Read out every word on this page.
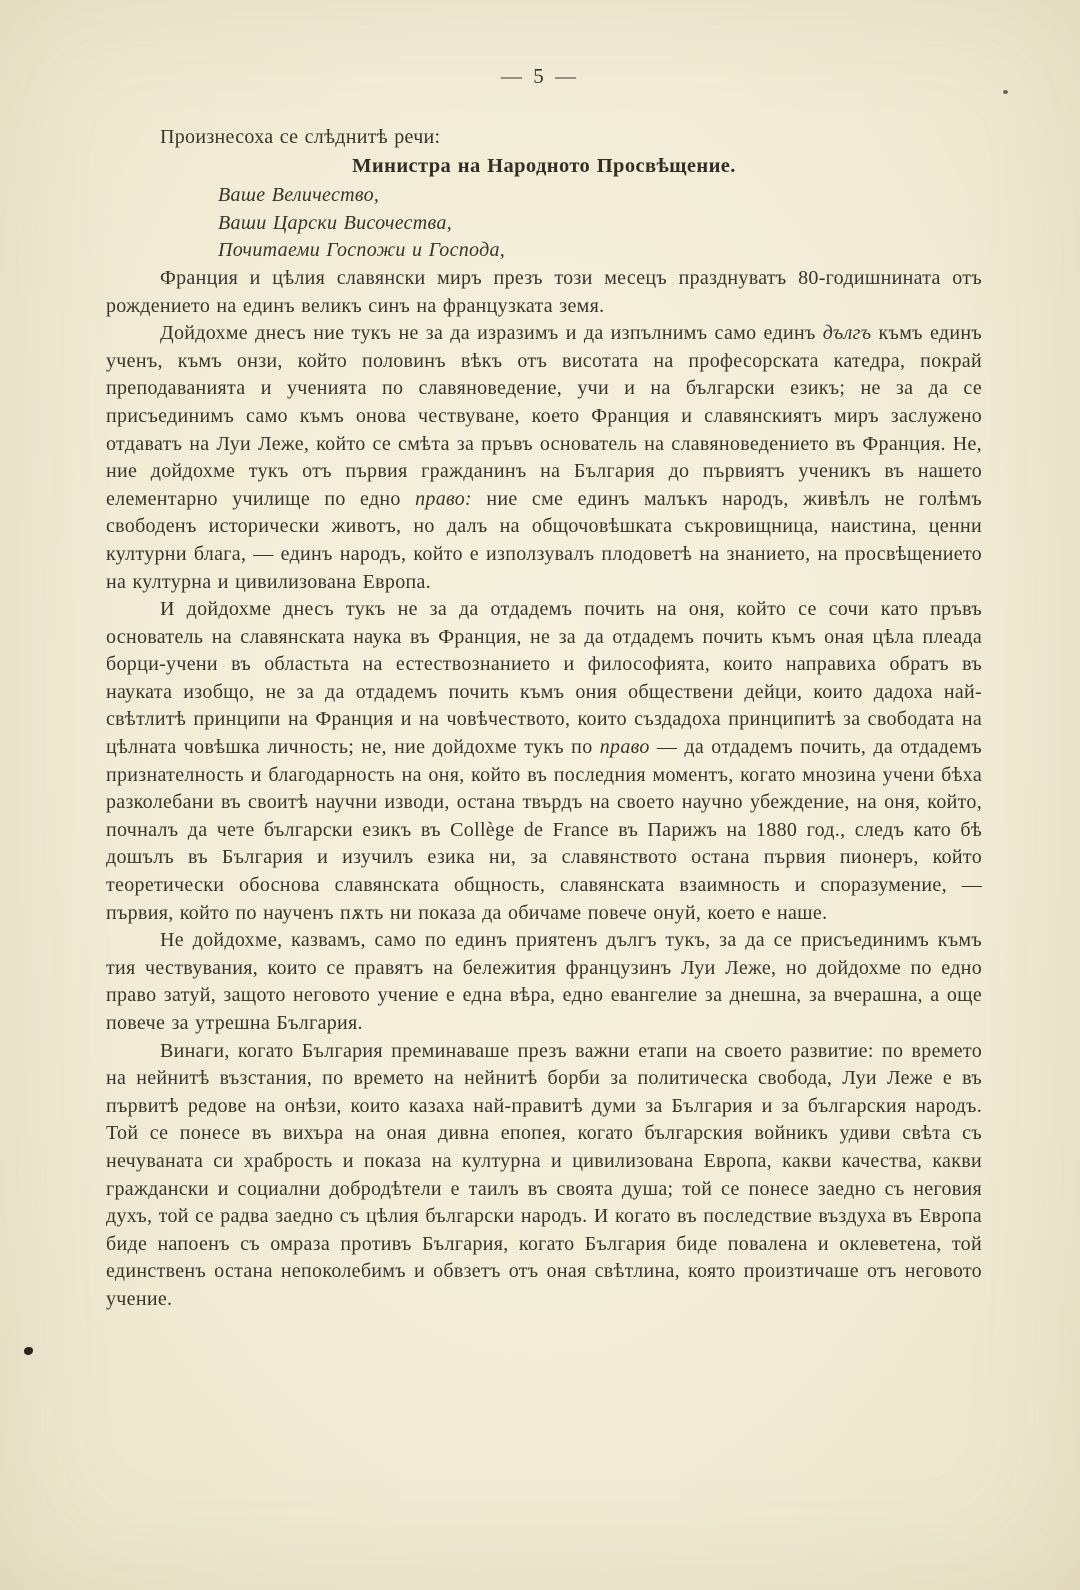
— 5 —

Произнесоха се слѣднитѣ речи:

Министра на Народното Просвѣщение.

Ваше Величество,

Ваши Царски Височества,

Почитаеми Госпожи и Господа,

Франция и цѣлия славянски миръ презъ този месецъ празднуватъ 80-годишнината отъ рождението на единъ великъ синъ на французката земя.

Дойдохме днесъ ние тукъ не за да изразимъ и да изпълнимъ само единъ дългъ къмъ единъ ученъ, къмъ онзи, който половинъ вѣкъ отъ висотата на професорската катедра, покрай преподаванията и ученията по славяноведение, учи и на български езикъ; не за да се присъединимъ само къмъ онова чествуване, което Франция и славянскиятъ миръ заслужено отдаватъ на Луи Леже, който се смѣта за пръвъ основатель на славяноведението въ Франция. Не, ние дойдохме тукъ отъ първия гражданинъ на България до първиятъ ученикъ въ нашето елементарно училище по едно право: ние сме единъ малъкъ народъ, живѣлъ не голѣмъ свободенъ исторически животъ, но далъ на общочовѣшката съкровищница, наистина, ценни културни блага, — единъ народъ, който е използувалъ плодоветѣ на знанието, на просвѣщението на културна и цивилизована Европа.

И дойдохме днесъ тукъ не за да отдадемъ почить на оня, който се сочи като пръвъ основатель на славянската наука въ Франция, не за да отдадемъ почить къмъ оная цѣла плеада борци-учени въ областьта на естествознанието и философията, които направиха обратъ въ науката изобщо, не за да отдадемъ почить къмъ ония обществени дейци, които дадоха най-свѣтлитѣ принципи на Франция и на човѣчеството, които създадоха принципитѣ за свободата на цѣлната човѣшка личность; не, ние дойдохме тукъ по право — да отдадемъ почить, да отдадемъ признателность и благодарность на оня, който въ последния моментъ, когато мнозина учени бѣха разколебани въ своитѣ научни изводи, остана твърдъ на своето научно убеждение, на оня, който, почналъ да чете български езикъ въ Collège de France въ Парижъ на 1880 год., следъ като бѣ дошълъ въ България и изучилъ езика ни, за славянството остана първия пионеръ, който теоретически обоснова славянската общность, славянската взаимность и споразумение, — първия, който по наученъ пѫть ни показа да обичаме повече онуй, което е наше.

Не дойдохме, казвамъ, само по единъ приятенъ дългъ тукъ, за да се присъединимъ къмъ тия чествувания, които се правятъ на бележития французинъ Луи Леже, но дойдохме по едно право затуй, защото неговото учение е една вѣра, едно евангелие за днешна, за вчерашна, а още повече за утрешна България.

Винаги, когато България преминаваше презъ важни етапи на своето развитие: по времето на нейнитѣ възстания, по времето на нейнитѣ борби за политическа свобода, Луи Леже е въ първитѣ редове на онѣзи, които казаха най-правитѣ думи за България и за българския народъ. Той се понесе въ вихъра на оная дивна епопея, когато българския войникъ удиви свѣта съ нечуваната си храбрость и показа на културна и цивилизована Европа, какви качества, какви граждански и социални добродѣтели е таилъ въ своята душа; той се понесе заедно съ неговия духъ, той се радва заедно съ цѣлия български народъ. И когато въ последствие въздуха въ Европа биде напоенъ съ омраза противъ България, когато България биде повалена и оклеветена, той единственъ остана непоколебимъ и обвзетъ отъ оная свѣтлина, която произтичаше отъ неговото учение.
